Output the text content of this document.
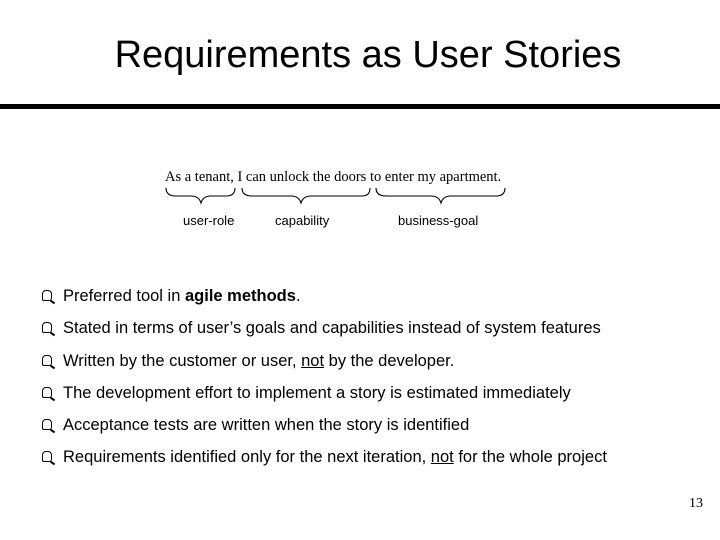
Requirements as User Stories
As a tenant, I can unlock the doors to enter my apartment.
user-role	capability	business-goal
Preferred tool in agile methods.
Stated in terms of user’s goals and capabilities instead of system features
Written by the customer or user, not by the developer.
The development effort to implement a story is estimated immediately
Acceptance tests are written when the story is identified
Requirements identified only for the next iteration, not for the whole project
13
